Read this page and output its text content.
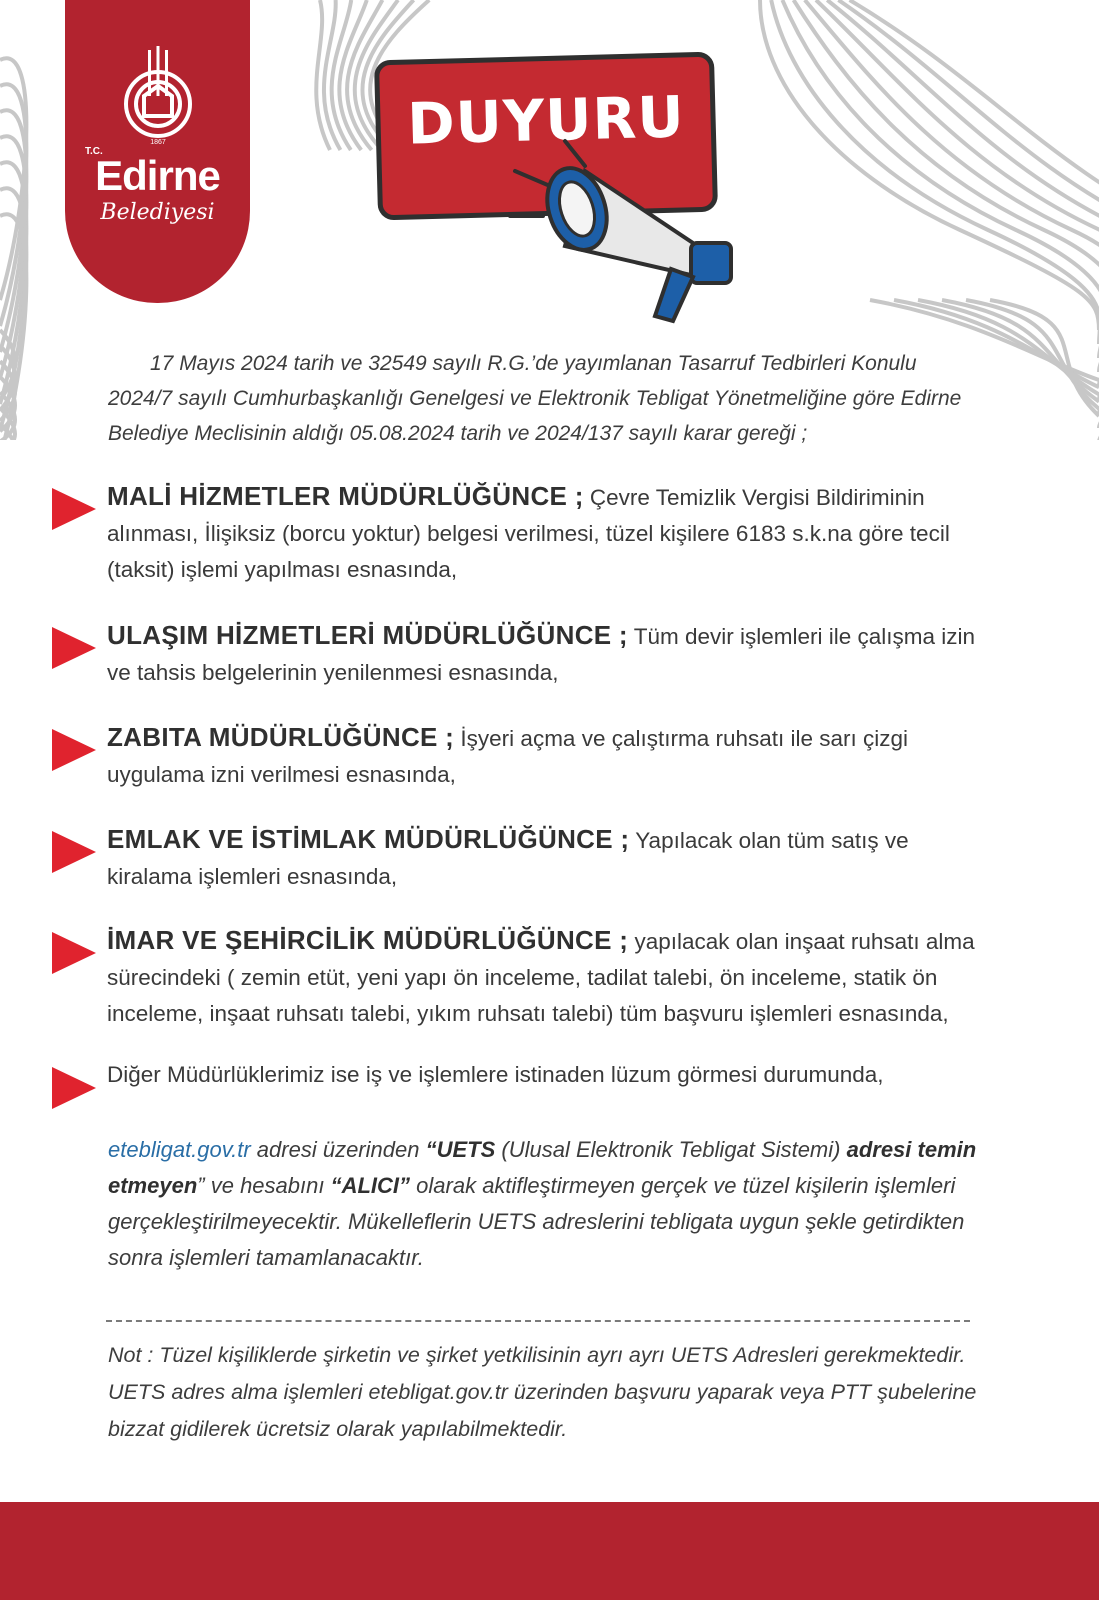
1867
T.C.
Edirne
Belediyesi
DUYURU
17 Mayıs 2024 tarih ve 32549 sayılı R.G.’de yayımlanan Tasarruf Tedbirleri Konulu 2024/7 sayılı Cumhurbaşkanlığı Genelgesi ve Elektronik Tebligat Yönetmeliğine göre Edirne Belediye Meclisinin aldığı 05.08.2024 tarih ve 2024/137 sayılı karar gereği ;
MALİ HİZMETLER MÜDÜRLÜĞÜNCE ; Çevre Temizlik Vergisi Bildiriminin alınması, İlişiksiz (borcu yoktur) belgesi verilmesi, tüzel kişilere 6183 s.k.na göre tecil (taksit) işlemi yapılması esnasında,
ULAŞIM HİZMETLERİ MÜDÜRLÜĞÜNCE ; Tüm devir işlemleri ile çalışma izin ve tahsis belgelerinin yenilenmesi esnasında,
ZABITA MÜDÜRLÜĞÜNCE ; İşyeri açma ve çalıştırma ruhsatı ile sarı çizgi uygulama izni verilmesi esnasında,
EMLAK VE İSTİMLAK MÜDÜRLÜĞÜNCE ; Yapılacak olan tüm satış ve kiralama işlemleri esnasında,
İMAR VE ŞEHİRCİLİK MÜDÜRLÜĞÜNCE ; yapılacak olan inşaat ruhsatı alma sürecindeki ( zemin etüt, yeni yapı ön inceleme, tadilat talebi, ön inceleme, statik ön inceleme, inşaat ruhsatı talebi, yıkım ruhsatı talebi) tüm başvuru işlemleri esnasında,
Diğer Müdürlüklerimiz ise iş ve işlemlere istinaden lüzum görmesi durumunda,
etebligat.gov.tr adresi üzerinden “UETS (Ulusal Elektronik Tebligat Sistemi) adresi temin etmeyen” ve hesabını “ALICI” olarak aktifleştirmeyen gerçek ve tüzel kişilerin işlemleri gerçekleştirilmeyecektir. Mükelleflerin UETS adreslerini tebligata uygun şekle getirdikten sonra işlemleri tamamlanacaktır.
Not : Tüzel kişiliklerde şirketin ve şirket yetkilisinin ayrı ayrı UETS Adresleri gerekmektedir.
UETS adres alma işlemleri etebligat.gov.tr üzerinden başvuru yaparak veya PTT şubelerine bizzat gidilerek ücretsiz olarak yapılabilmektedir.
